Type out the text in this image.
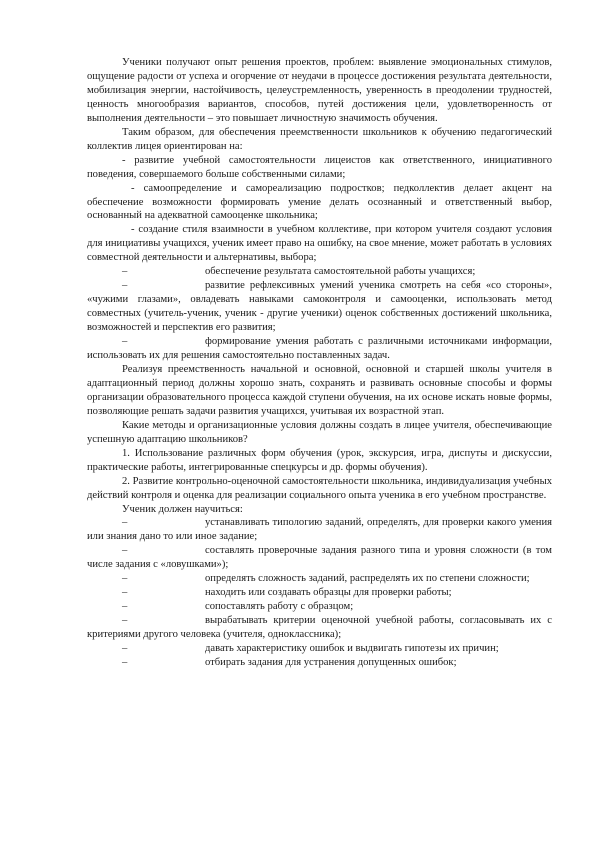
Ученики получают опыт решения проектов, проблем: выявление эмоциональных стимулов, ощущение радости от успеха и огорчение от неудачи в процессе достижения результата деятельности, мобилизация энергии, настойчивость, целеустремленность, уверенность в преодолении трудностей, ценность многообразия вариантов, способов, путей достижения цели, удовлетворенность от выполнения деятельности – это повышает личностную значимость обучения.

Таким образом, для обеспечения преемственности школьников к обучению педагогический коллектив лицея ориентирован на:

- развитие учебной самостоятельности лицеистов как ответственного, инициативного поведения, совершаемого больше собственными силами;

- самоопределение и самореализацию подростков; педколлектив делает акцент на обеспечение возможности формировать умение делать осознанный и ответственный выбор, основанный на адекватной самооценке школьника;

- создание стиля взаимности в учебном коллективе, при котором учителя создают условия для инициативы учащихся, ученик имеет право на ошибку, на свое мнение, может работать в условиях совместной деятельности и альтернативы, выбора;

–	обеспечение результата самостоятельной работы учащихся;

–	развитие рефлексивных умений ученика смотреть на себя «со стороны», «чужими глазами», овладевать навыками самоконтроля и самооценки, использовать метод совместных (учитель-ученик, ученик - другие ученики) оценок собственных достижений школьника, возможностей и перспектив его развития;

–	формирование умения работать с различными источниками информации, использовать их для решения самостоятельно поставленных задач.

Реализуя преемственность начальной и основной, основной и старшей школы учителя в адаптационный период должны хорошо знать, сохранять и развивать основные способы и формы организации образовательного процесса каждой ступени обучения, на их основе искать новые формы, позволяющие решать задачи развития учащихся, учитывая их возрастной этап.

Какие методы и организационные условия должны создать в лицее учителя, обеспечивающие успешную адаптацию школьников?

1. Использование различных форм обучения (урок, экскурсия, игра, диспуты и дискуссии, практические работы, интегрированные спецкурсы и др. формы обучения).

2. Развитие контрольно-оценочной самостоятельности школьника, индивидуализация учебных действий контроля и оценка для реализации социального опыта ученика в его учебном пространстве.

Ученик должен научиться:

–	устанавливать типологию заданий, определять, для проверки какого умения или знания дано то или иное задание;

–	составлять проверочные задания разного типа и уровня сложности (в том числе задания с «ловушками»);

–	определять сложность заданий, распределять их по степени сложности;

–	находить или создавать образцы для проверки работы;
–	сопоставлять работу с образцом;

–	вырабатывать критерии оценочной учебной работы, согласовывать их с критериями другого человека (учителя, одноклассника);

–	давать характеристику ошибок и выдвигать гипотезы их причин;
–	отбирать задания для устранения допущенных ошибок;
